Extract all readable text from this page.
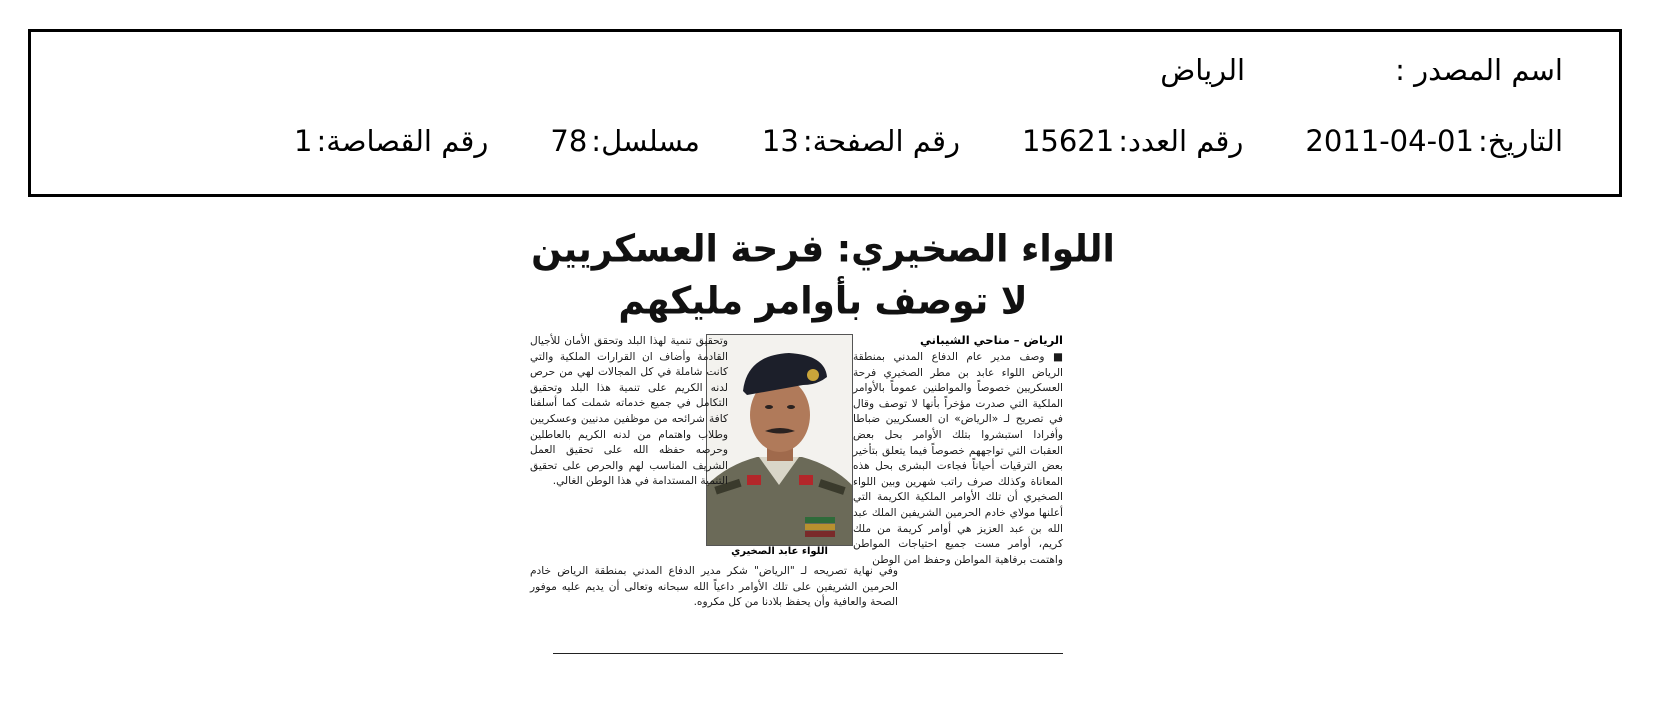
اسم المصدر :الرياض
التاريخ:2011-04-01رقم العدد:15621رقم الصفحة:13مسلسل:78رقم القصاصة:1
اللواء الصخيري: فرحة العسكريين
لا توصف بأوامر مليكهم
الرياض – مناحي الشيباني

■ وصف مدير عام الدفاع المدني بمنطقة الرياض اللواء عابد بن مطر الصخيري فرحة العسكريين خصوصاً والمواطنين عموماً بالأوامر الملكية التي صدرت مؤخراً بأنها لا توصف وقال في تصريح لـ «الرياض» ان العسكريين ضباطا وأفرادا استبشروا بتلك الأوامر بحل بعض العقبات التي تواجههم خصوصاً فيما يتعلق بتأخير بعض الترقيات أحياناً فجاءت البشرى بحل هذه المعاناة وكذلك صرف راتب شهرين وبين اللواء الصخيري أن تلك الأوامر الملكية الكريمة التي أعلنها مولاي خادم الحرمين الشريفين الملك عبد الله بن عبد العزيز هي أوامر كريمة من ملك كريم، أوامر مست جميع احتياجات المواطن واهتمت برفاهية المواطن وحفظ امن الوطن

اللواء عابد الصخيري

وتحقيق تنمية لهذا البلد وتحقق الأمان للأجيال القادمة وأضاف ان القرارات الملكية والتي كانت شاملة في كل المجالات لهي من حرص لدنه الكريم على تنمية هذا البلد وتحقيق التكامل في جميع خدماته شملت كما أسلفنا كافة شرائحه من موظفين مدنيين وعسكريين وطلاب واهتمام من لدنه الكريم بالعاطلين وحرصه حفظه الله على تحقيق العمل الشريف المناسب لهم والحرص على تحقيق التنمية المستدامة في هذا الوطن الغالي.

وفي نهاية تصريحه لـ "الرياض" شكر مدير الدفاع المدني بمنطقة الرياض خادم الحرمين الشريفين على تلك الأوامر داعياً الله سبحانه وتعالى أن يديم عليه موفور الصحة والعافية وأن يحفظ بلادنا من كل مكروه.
